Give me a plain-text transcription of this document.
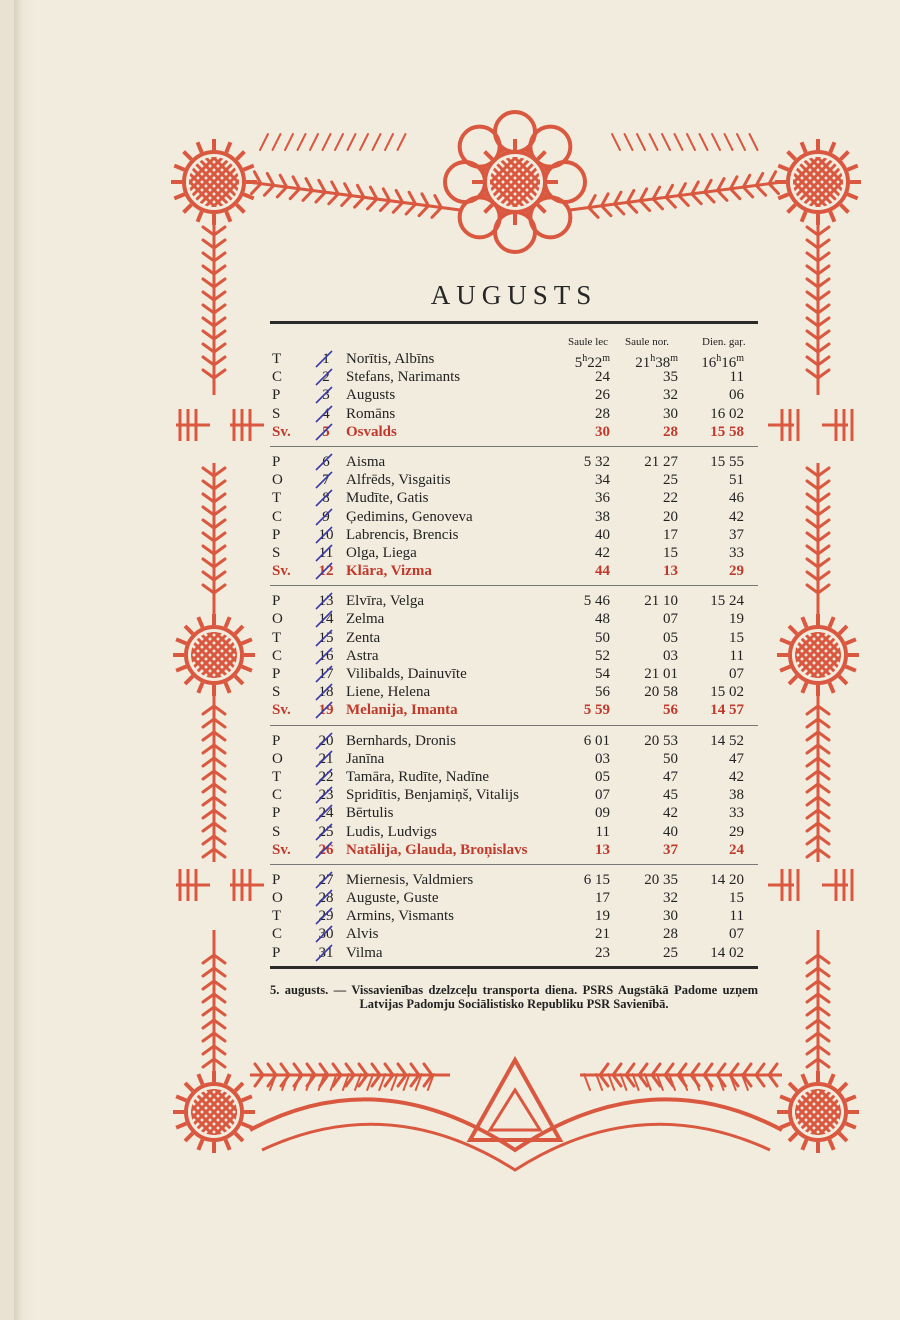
AUGUSTS
Saule lec Saule nor.	Dien. gaŗ.
T	1	Norītis, Albīns	5$^h$22$^m$	21$^h$38$^m$	16$^h$16$^m$
C	2	Stefans, Narimants	24	35	11
P	3	Augusts	26	32	06
S	4	Romāns	28	30	16 02
Sv.	5	Osvalds	30	28	15 58
P	6	Aisma	5 32	21 27	15 55
O	7	Alfrēds, Visgaitis	34	25	51
T	8	Mudīte, Gatis	36	22	46
C	9	Ģedimins, Genoveva	38	20	42
P	10 Labrencis, Brencis	40	17	37
S	11 Olga, Liega	42	15	33
Sv.	12 Klāra, Vizma	44	13	29
P	13 Elvīra, Velga	5 46	21 10	15 24
O	14 Zelma	48	07	19
T	15 Zenta	50	05	15
C	16 Astra	52	03	11
P	17 Vilibalds, Dainuvīte	54	21 01	07
S	18 Liene, Helena	56	20 58	15 02
Sv.	19 Melanija, Imanta	5 59	56	14 57
P	20 Bernhards, Dronis	6 01	20 53	14 52
O	21 Janīna	03	50	47
T	22 Tamāra, Rudīte, Nadīne	05	47	42
C	23 Spridītis, Benjamiņš, Vitalijs	07	45	38
P	24 Bērtulis	09	42	33
S	25 Ludis, Ludvigs	11	40	29
Sv.	26 Natālija, Glauda, Broņislavs	13	37	24
P	27 Miernesis, Valdmiers	6 15	20 35	14 20
O	28 Auguste, Guste	17	32	15
T	29 Armins, Vismants	19	30	11
C	30 Alvis	21	28	07
P	31 Vilma	23	25	14 02
5. augusts. — Vissavienības dzelzceļu transporta diena. PSRS Augstākā Padome uzņem Latvijas Padomju Sociālistisko Republiku PSR Savienībā.
